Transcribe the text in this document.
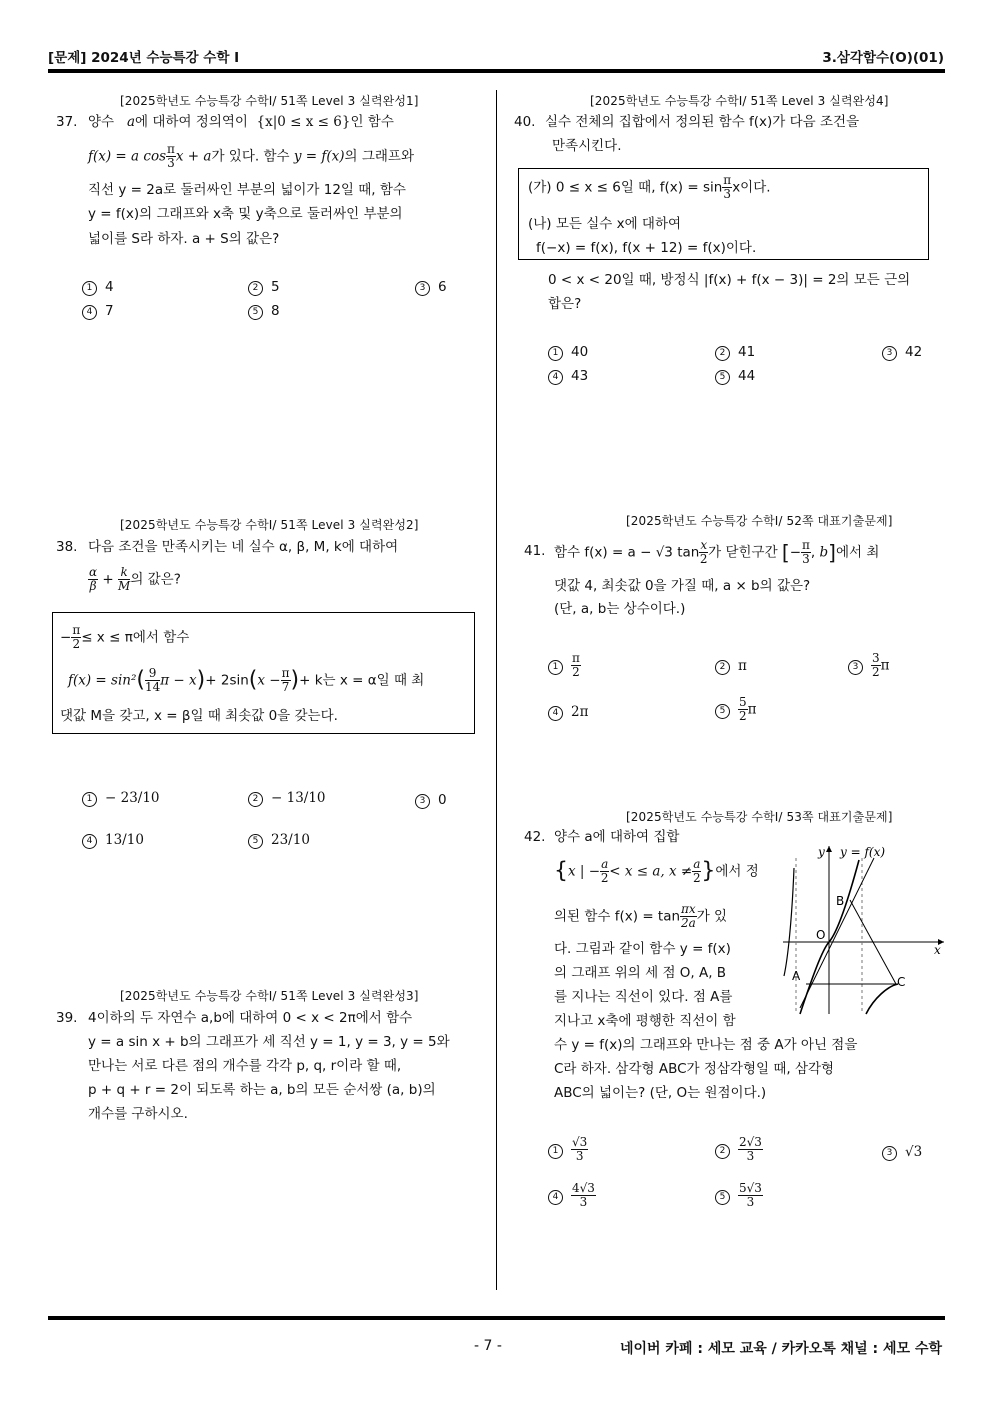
[문제] 2024년 수능특강 수학 I	3.삼각함수(O)(01)
[2025학년도 수능특강 수학Ⅰ/ 51쪽 Level 3 실력완성1]
37. 양수 a에 대하여 정의역이 {x|0 ≤ x ≤ 6}인 함수
f(x) = a $\cos \frac{\pi}{3}$ x + a가 있다. 함수 y = f(x)의 그래프와
직선 y = 2a로 둘러싸인 부분의 넓이가 12일 때, 함수
y = f(x)의 그래프와 x축 및 y축으로 둘러싸인 부분의
넓이를 S라 하자. a + S의 값은?
1 4	2 5	3 6
4 7	5 8
[2025학년도 수능특강 수학Ⅰ/ 51쪽 Level 3 실력완성2]
38. 다음 조건을 만족시키는 네 실수 α, β, M, k에 대하여
$\frac{\alpha}{\beta} + \frac{k}{M}$ 의 값은?
− $\frac{\pi}{2} \le x \le \pi$에서 함수
$f(x) = \sin^2( \frac{9}{14}$ $\pi - x)+ 2\sin(x - \frac{\pi}{7}$ )+ k는 x = α일 때 최
댓값 M을 갖고, x = β일 때 최솟값 0을 갖는다.
1 − 23/10	2 − 13/10	3 0
4 13/10	5 23/10
[2025학년도 수능특강 수학Ⅰ/ 51쪽 Level 3 실력완성3]
39. 4이하의 두 자연수 a,b에 대하여 0 < x < 2π에서 함수
y = a sin x + b의 그래프가 세 직선 y = 1, y = 3, y = 5와
만나는 서로 다른 점의 개수를 각각 p, q, r이라 할 때,
p + q + r = 2이 되도록 하는 a, b의 모든 순서쌍 (a, b)의
개수를 구하시오.
[2025학년도 수능특강 수학Ⅰ/ 51쪽 Level 3 실력완성4]
40. 실수 전체의 집합에서 정의된 함수 f(x)가 다음 조건을
만족시킨다.
(가) 0 ≤ x ≤ 6일 때, $f(x) = \sin \frac{\pi}{3}$ x이다.
(나) 모든 실수 x에 대하여
f(−x) = f(x), f(x + 12) = f(x)이다.
0 < x < 20일 때, 방정식 |f(x) + f(x − 3)| = 2의 모든 근의
합은?
1 40	2 41	3 42
4 43	5 44
[2025학년도 수능특강 수학Ⅰ/ 52쪽 대표기출문제]
41. 함수 f(x) = a − √3 $\tan \frac{x}{2}$ 가 닫힌구간 [− $\frac{\pi}{3}$ , b]에서 최
댓값 4, 최솟값 0을 가질 때, a × b의 값은?
(단, a, b는 상수이다.)
$1 \frac{\pi}{2}$	2 π	$3 \frac{3}{2}$ π
4 2π	$5 \frac{5}{2}$ π
[2025학년도 수능특강 수학Ⅰ/ 53쪽 대표기출문제]
42. 양수 a에 대하여 집합
{x | − $\frac{a}{2} < x \le a$, $x \ne \frac{a}{2}$ }에서 정
의된 함수 $f(x) = \tan \frac{\pi x}{2a}$ 가 있
다. 그림과 같이 함수 y = f(x)
의 그래프 위의 세 점 O, A, B
를 지나는 직선이 있다. 점 A를
지나고 x축에 평행한 직선이 함
수 y = f(x)의 그래프와 만나는 점 중 A가 아닌 점을
C라 하자. 삼각형 ABC가 정삼각형일 때, 삼각형
ABC의 넓이는? (단, O는 원점이다.)
y y = f(x)
x
B
O
A	C
$1 \frac{√3}{3}$	$2 \frac{2√3}{3}$	3 √3
$4 \frac{4√3}{3}$	$5 \frac{5√3}{3}$
- 7 -	네이버 카페 : 세모 교육 / 카카오톡 채널 : 세모 수학
